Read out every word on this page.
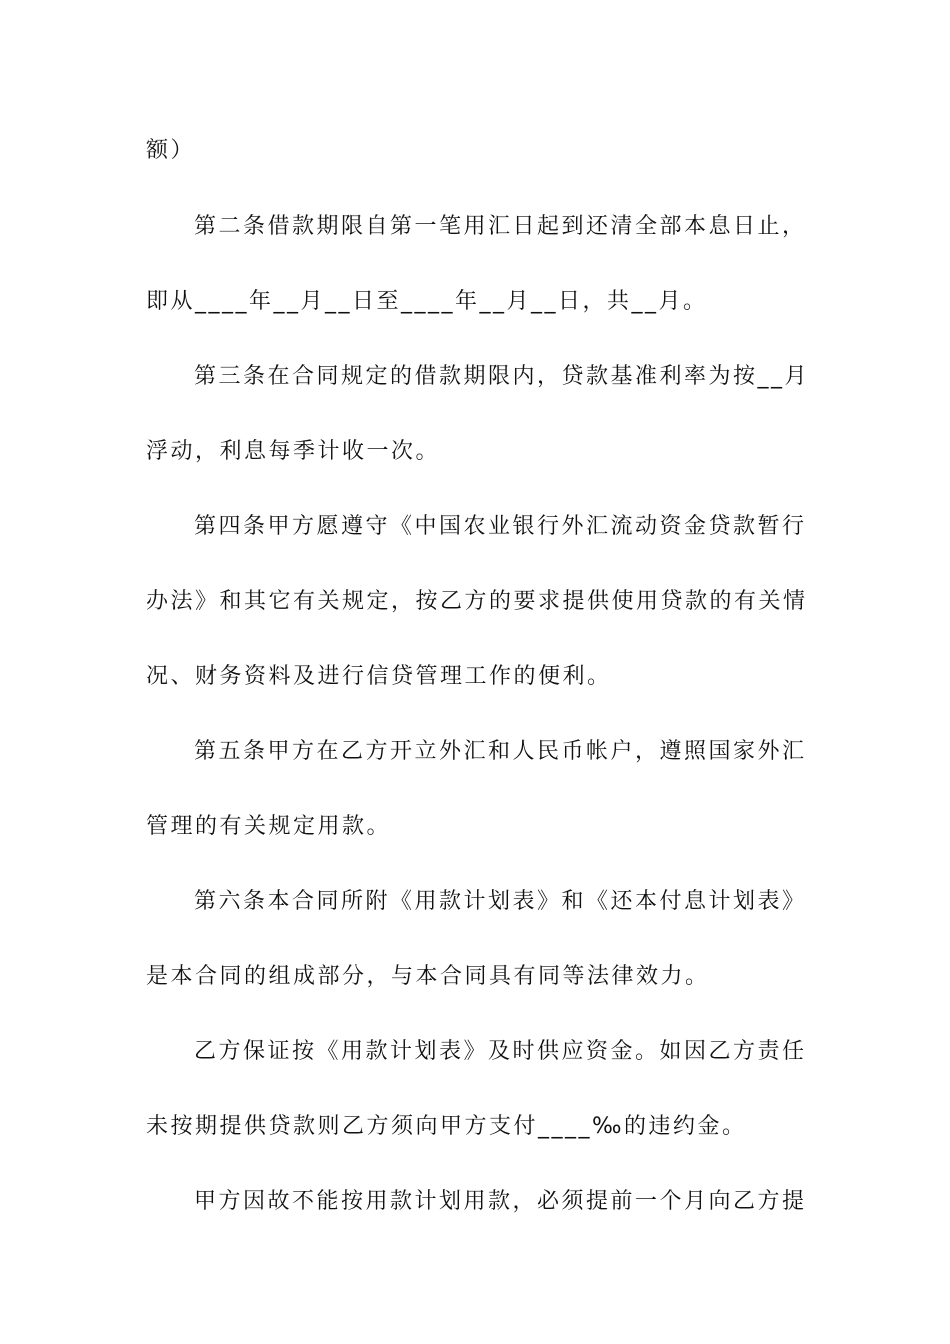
额）
第二条借款期限自第一笔用汇日起到还清全部本息日止，
即从____年__月__日至____年__月__日，共__月。
第三条在合同规定的借款期限内，贷款基准利率为按__月
浮动，利息每季计收一次。
第四条甲方愿遵守《中国农业银行外汇流动资金贷款暂行
办法》和其它有关规定，按乙方的要求提供使用贷款的有关情
况、财务资料及进行信贷管理工作的便利。
第五条甲方在乙方开立外汇和人民币帐户，遵照国家外汇
管理的有关规定用款。
第六条本合同所附《用款计划表》和《还本付息计划表》
是本合同的组成部分，与本合同具有同等法律效力。
乙方保证按《用款计划表》及时供应资金。如因乙方责任
未按期提供贷款则乙方须向甲方支付____‰的违约金。
甲方因故不能按用款计划用款，必须提前一个月向乙方提
